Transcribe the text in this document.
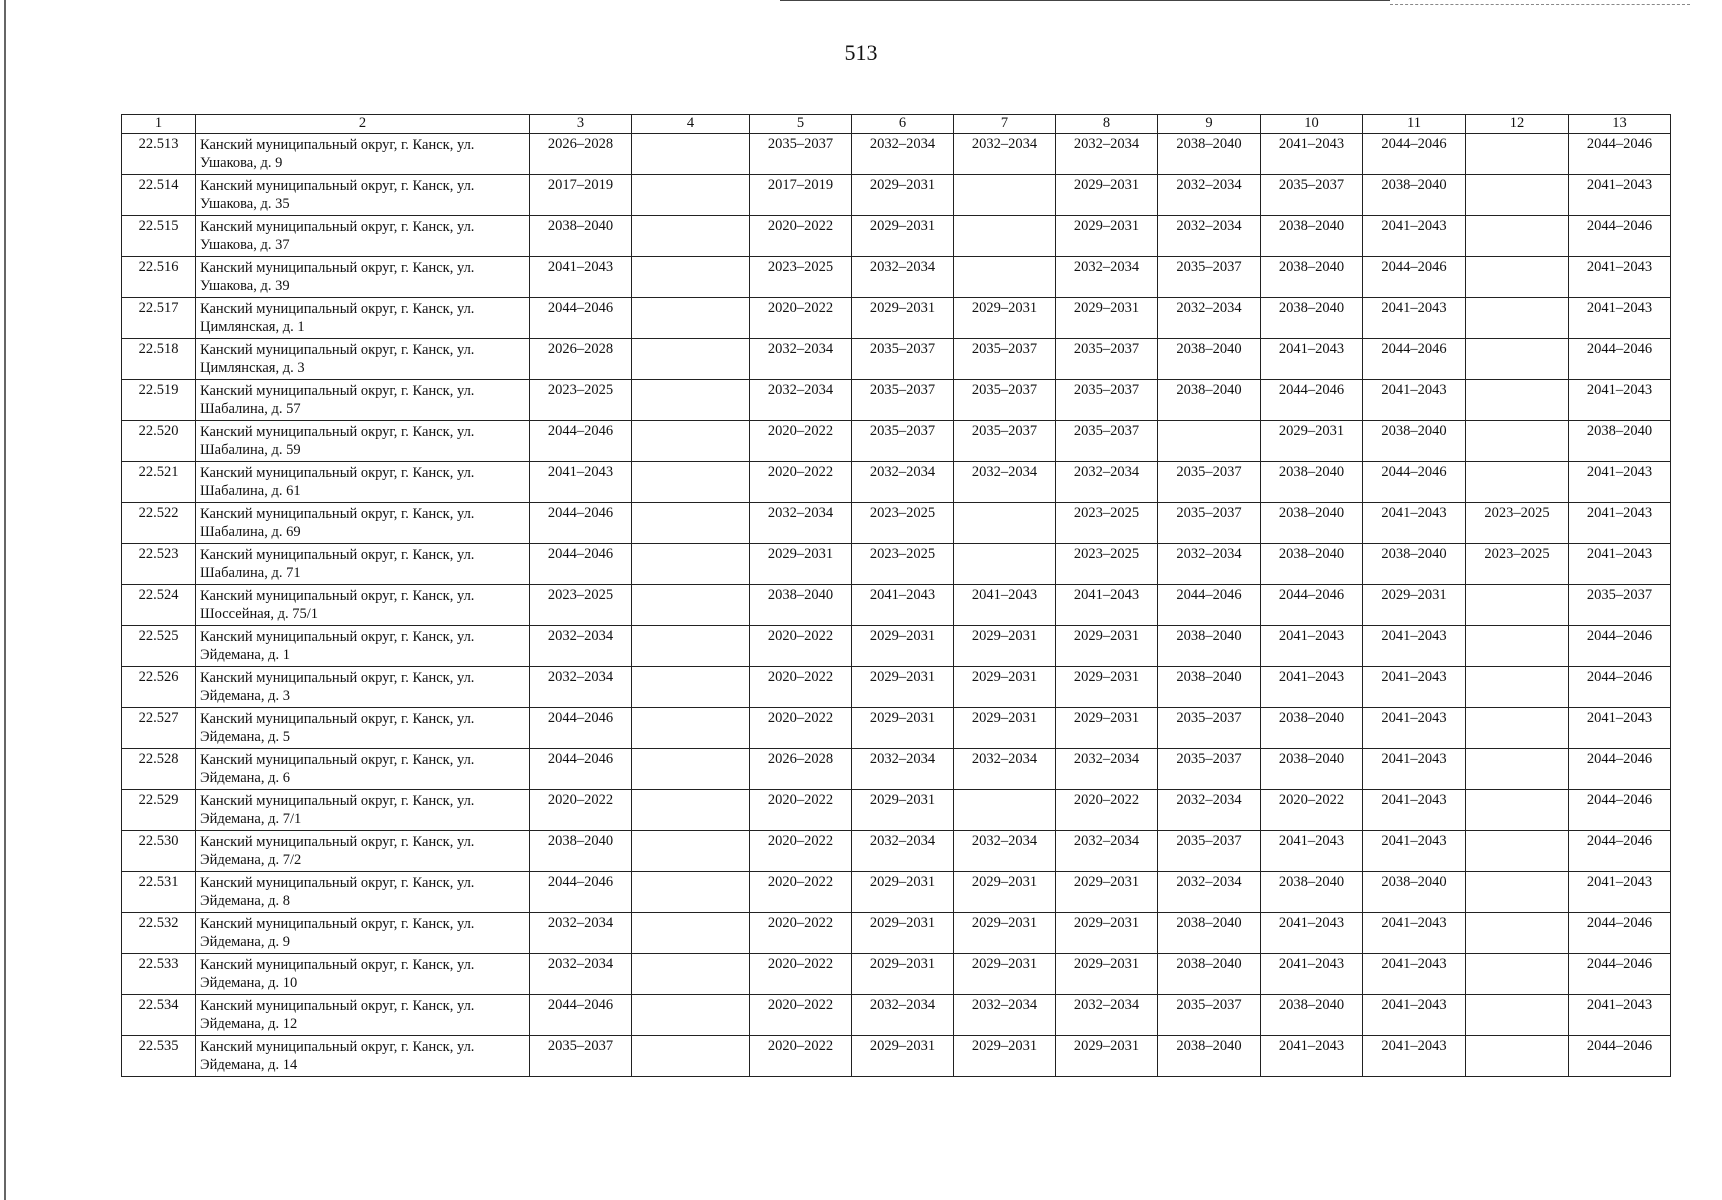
513
1	2	3	4	5	6	7	8	9	10	11	12	13
22.513	Канский муниципальный округ, г. Канск, ул. Ушакова, д. 9	2026–2028		2035–2037	2032–2034	2032–2034	2032–2034	2038–2040	2041–2043	2044–2046		2044–2046
22.514	Канский муниципальный округ, г. Канск, ул. Ушакова, д. 35	2017–2019		2017–2019	2029–2031		2029–2031	2032–2034	2035–2037	2038–2040		2041–2043
22.515	Канский муниципальный округ, г. Канск, ул. Ушакова, д. 37	2038–2040		2020–2022	2029–2031		2029–2031	2032–2034	2038–2040	2041–2043		2044–2046
22.516	Канский муниципальный округ, г. Канск, ул. Ушакова, д. 39	2041–2043		2023–2025	2032–2034		2032–2034	2035–2037	2038–2040	2044–2046		2041–2043
22.517	Канский муниципальный округ, г. Канск, ул. Цимлянская, д. 1	2044–2046		2020–2022	2029–2031	2029–2031	2029–2031	2032–2034	2038–2040	2041–2043		2041–2043
22.518	Канский муниципальный округ, г. Канск, ул. Цимлянская, д. 3	2026–2028		2032–2034	2035–2037	2035–2037	2035–2037	2038–2040	2041–2043	2044–2046		2044–2046
22.519	Канский муниципальный округ, г. Канск, ул. Шабалина, д. 57	2023–2025		2032–2034	2035–2037	2035–2037	2035–2037	2038–2040	2044–2046	2041–2043		2041–2043
22.520	Канский муниципальный округ, г. Канск, ул. Шабалина, д. 59	2044–2046		2020–2022	2035–2037	2035–2037	2035–2037		2029–2031	2038–2040		2038–2040
22.521	Канский муниципальный округ, г. Канск, ул. Шабалина, д. 61	2041–2043		2020–2022	2032–2034	2032–2034	2032–2034	2035–2037	2038–2040	2044–2046		2041–2043
22.522	Канский муниципальный округ, г. Канск, ул. Шабалина, д. 69	2044–2046		2032–2034	2023–2025		2023–2025	2035–2037	2038–2040	2041–2043	2023–2025	2041–2043
22.523	Канский муниципальный округ, г. Канск, ул. Шабалина, д. 71	2044–2046		2029–2031	2023–2025		2023–2025	2032–2034	2038–2040	2038–2040	2023–2025	2041–2043
22.524	Канский муниципальный округ, г. Канск, ул. Шоссейная, д. 75/1	2023–2025		2038–2040	2041–2043	2041–2043	2041–2043	2044–2046	2044–2046	2029–2031		2035–2037
22.525	Канский муниципальный округ, г. Канск, ул. Эйдемана, д. 1	2032–2034		2020–2022	2029–2031	2029–2031	2029–2031	2038–2040	2041–2043	2041–2043		2044–2046
22.526	Канский муниципальный округ, г. Канск, ул. Эйдемана, д. 3	2032–2034		2020–2022	2029–2031	2029–2031	2029–2031	2038–2040	2041–2043	2041–2043		2044–2046
22.527	Канский муниципальный округ, г. Канск, ул. Эйдемана, д. 5	2044–2046		2020–2022	2029–2031	2029–2031	2029–2031	2035–2037	2038–2040	2041–2043		2041–2043
22.528	Канский муниципальный округ, г. Канск, ул. Эйдемана, д. 6	2044–2046		2026–2028	2032–2034	2032–2034	2032–2034	2035–2037	2038–2040	2041–2043		2044–2046
22.529	Канский муниципальный округ, г. Канск, ул. Эйдемана, д. 7/1	2020–2022		2020–2022	2029–2031		2020–2022	2032–2034	2020–2022	2041–2043		2044–2046
22.530	Канский муниципальный округ, г. Канск, ул. Эйдемана, д. 7/2	2038–2040		2020–2022	2032–2034	2032–2034	2032–2034	2035–2037	2041–2043	2041–2043		2044–2046
22.531	Канский муниципальный округ, г. Канск, ул. Эйдемана, д. 8	2044–2046		2020–2022	2029–2031	2029–2031	2029–2031	2032–2034	2038–2040	2038–2040		2041–2043
22.532	Канский муниципальный округ, г. Канск, ул. Эйдемана, д. 9	2032–2034		2020–2022	2029–2031	2029–2031	2029–2031	2038–2040	2041–2043	2041–2043		2044–2046
22.533	Канский муниципальный округ, г. Канск, ул. Эйдемана, д. 10	2032–2034		2020–2022	2029–2031	2029–2031	2029–2031	2038–2040	2041–2043	2041–2043		2044–2046
22.534	Канский муниципальный округ, г. Канск, ул. Эйдемана, д. 12	2044–2046		2020–2022	2032–2034	2032–2034	2032–2034	2035–2037	2038–2040	2041–2043		2041–2043
22.535	Канский муниципальный округ, г. Канск, ул. Эйдемана, д. 14	2035–2037		2020–2022	2029–2031	2029–2031	2029–2031	2038–2040	2041–2043	2041–2043		2044–2046
